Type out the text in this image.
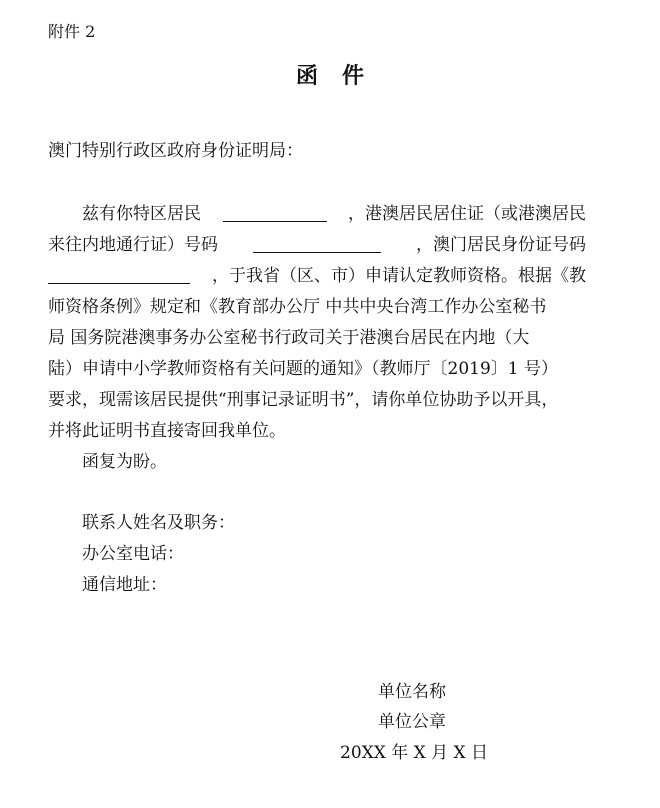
附件 2
函件
澳门特别行政区政府身份证明局：
兹有你特区居民	，港澳居民居住证（或港澳居民
来往内地通行证）号码	，澳门居民身份证号码
，于我省（区、市）申请认定教师资格。根据《教
师资格条例》规定和《教育部办公厅 中共中央台湾工作办公室秘书
局 国务院港澳事务办公室秘书行政司关于港澳台居民在内地（大
陆）申请中小学教师资格有关问题的通知》（教师厅〔2019〕1 号）
要求，现需该居民提供“刑事记录证明书”，请你单位协助予以开具，
并将此证明书直接寄回我单位。
函复为盼。
联系人姓名及职务：
办公室电话：
通信地址：
单位名称
单位公章
20XX 年 X 月 X 日
